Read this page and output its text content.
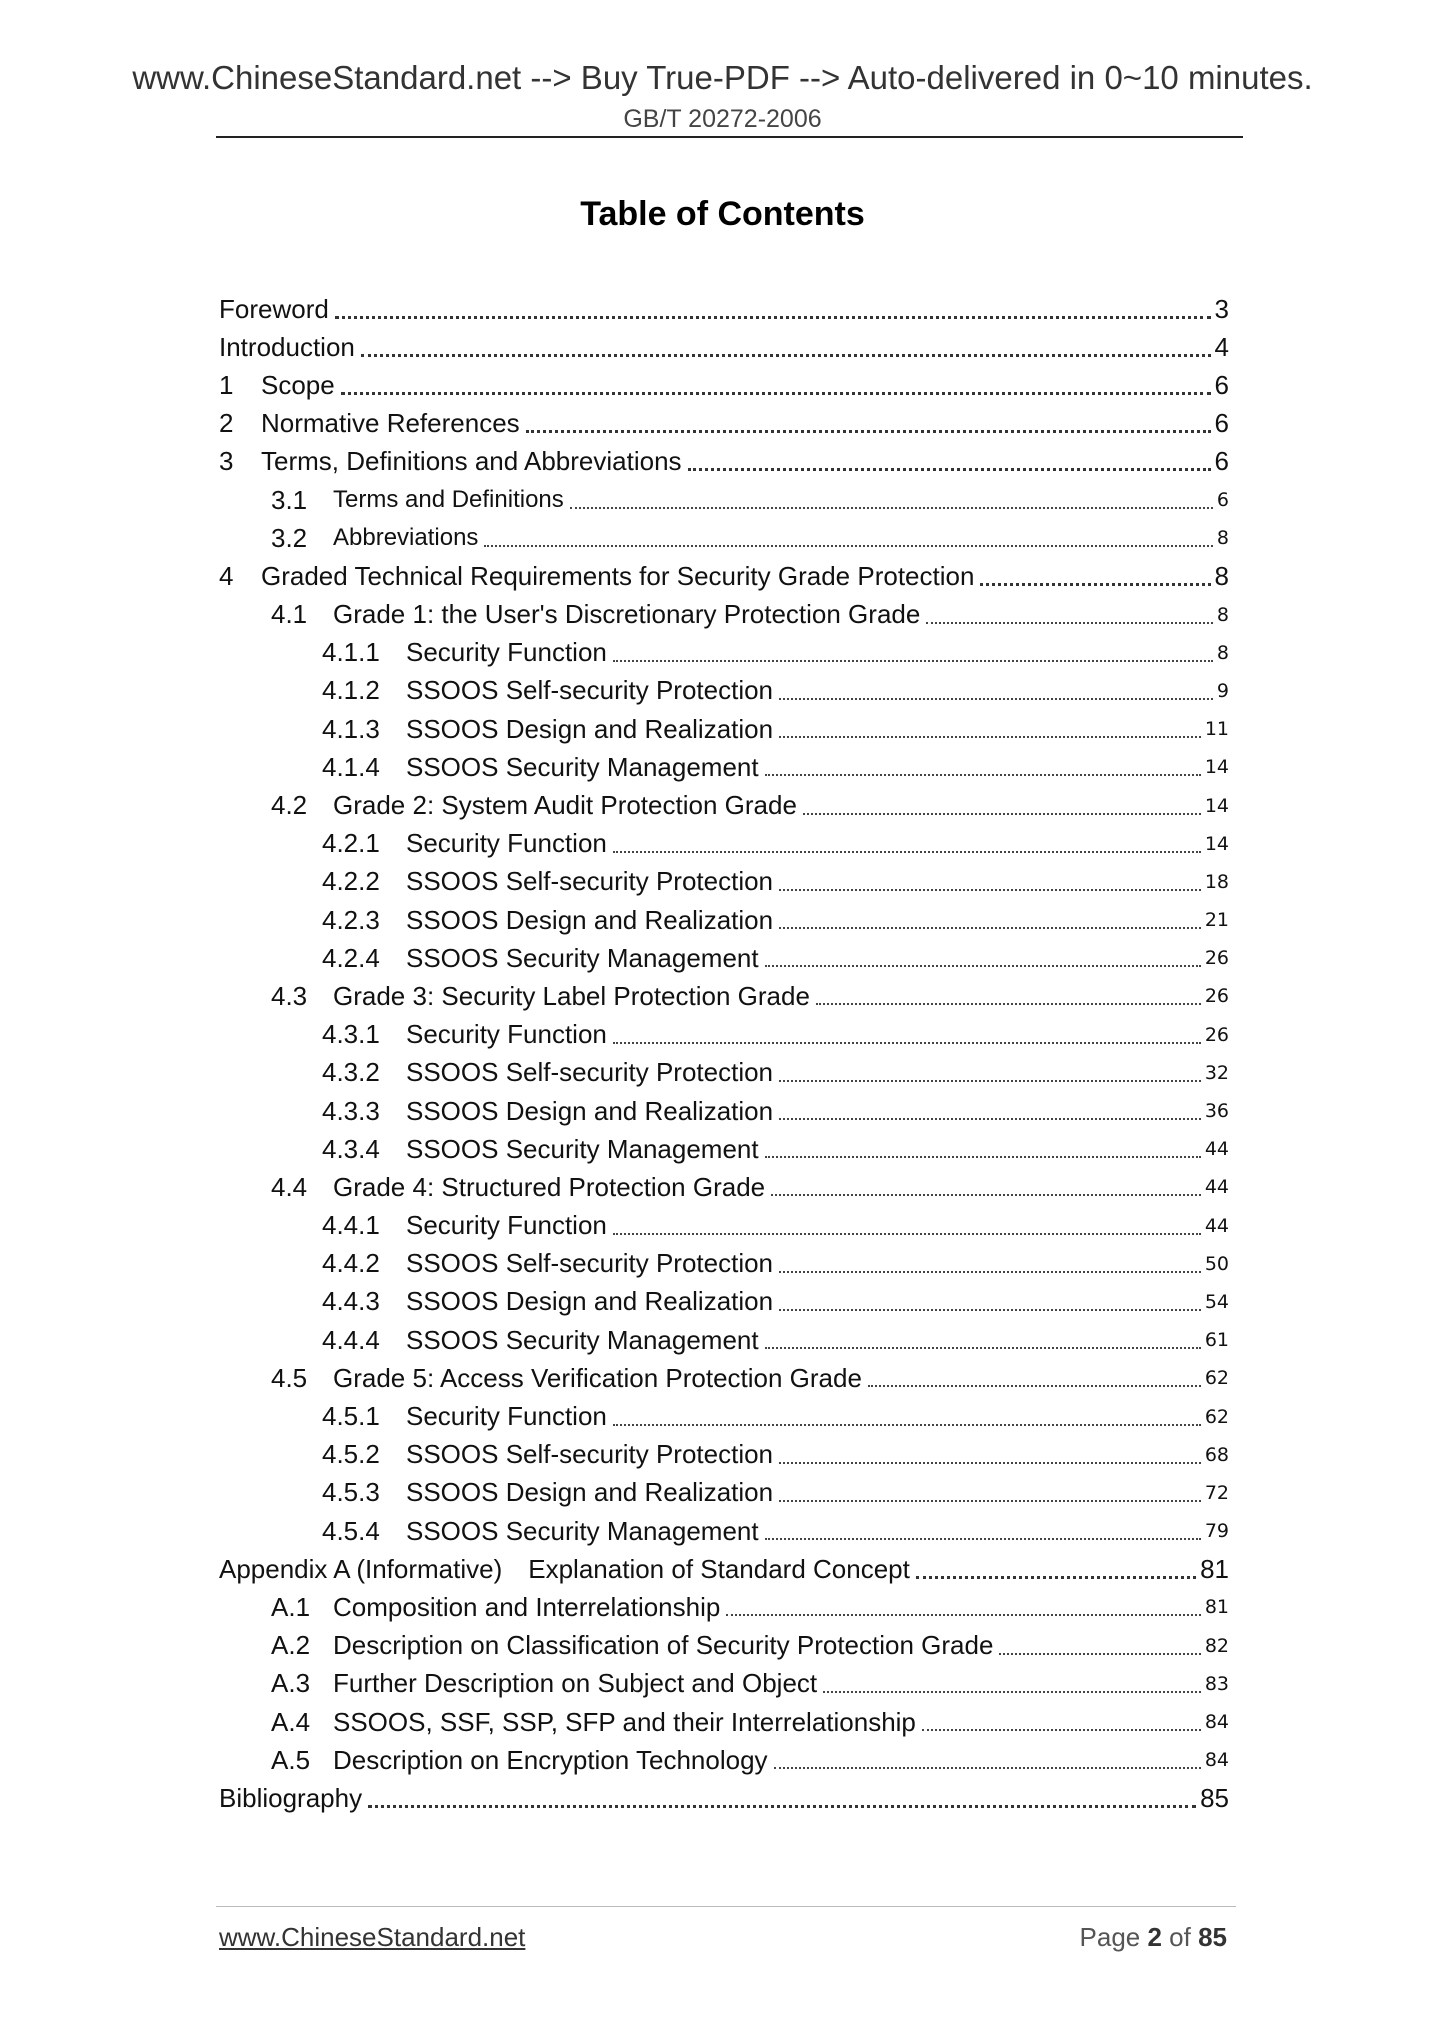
www.ChineseStandard.net --> Buy True-PDF --> Auto-delivered in 0~10 minutes.
GB/T 20272-2006
Table of Contents
Foreword	3
Introduction	4
1	Scope	6
2	Normative References	6
3	Terms, Definitions and Abbreviations	6
3.1	Terms and Definitions	6
3.2	Abbreviations	8
4	Graded Technical Requirements for Security Grade Protection	8
4.1 Grade 1: the User's Discretionary Protection Grade	8
4.1.1	Security Function	8
4.1.2	SSOOS Self-security Protection	9
4.1.3	SSOOS Design and Realization	11
4.1.4	SSOOS Security Management	14
4.2 Grade 2: System Audit Protection Grade	14
4.2.1	Security Function	14
4.2.2	SSOOS Self-security Protection	18
4.2.3	SSOOS Design and Realization	21
4.2.4	SSOOS Security Management	26
4.3 Grade 3: Security Label Protection Grade	26
4.3.1	Security Function	26
4.3.2	SSOOS Self-security Protection	32
4.3.3	SSOOS Design and Realization	36
4.3.4	SSOOS Security Management	44
4.4 Grade 4: Structured Protection Grade	44
4.4.1	Security Function	44
4.4.2	SSOOS Self-security Protection	50
4.4.3	SSOOS Design and Realization	54
4.4.4	SSOOS Security Management	61
4.5 Grade 5: Access Verification Protection Grade	62
4.5.1	Security Function	62
4.5.2	SSOOS Self-security Protection	68
4.5.3	SSOOS Design and Realization	72
4.5.4	SSOOS Security Management	79
Appendix A (Informative) Explanation of Standard Concept	81
A.1 Composition and Interrelationship	81
A.2 Description on Classification of Security Protection Grade	82
A.3 Further Description on Subject and Object	83
A.4 SSOOS, SSF, SSP, SFP and their Interrelationship	84
A.5 Description on Encryption Technology	84
Bibliography	85
www.ChineseStandard.net	Page 2 of 85
